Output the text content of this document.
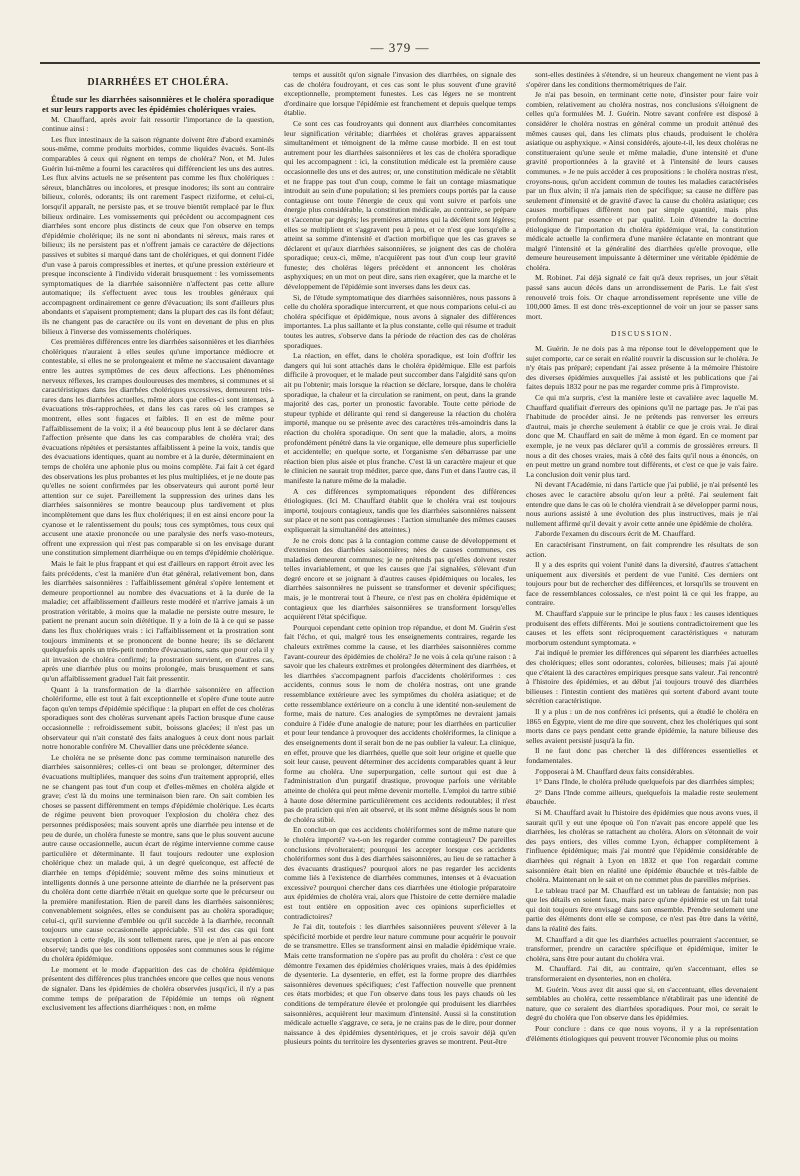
— 379 —
DIARRHÉES ET CHOLÉRA.

Étude sur les diarrhées saisonnières et le choléra sporadique et sur leurs rapports avec les épidémies cholériques vraies.

M. Chauffard, après avoir fait ressortir l'importance de la question, continue ainsi :

Les flux intestinaux de la saison régnante doivent être d'abord examinés sous-même, comme produits morbides, comme liquides évacués. Sont-ils comparables à ceux qui règnent en temps de choléra? Non, et M. Jules Guérin lui-même a fourni les caractères qui différencient les uns des autres. Les flux alvins actuels ne se présentent pas comme les flux cholériques : séreux, blanchâtres ou incolores, et presque inodores; ils sont au contraire bilieux, colorés, odorants; ils ont rarement l'aspect riziforme, et celui-ci, lorsqu'il apparaît, ne persiste pas, et se trouve bientôt remplacé par le flux bilieux ordinaire. Les vomissements qui précèdent ou accompagnent ces diarrhées sont encore plus distincts de ceux que l'on observe en temps d'épidémie cholérique; ils ne sont ni abondants ni séreux, mais rares et bilieux; ils ne persistent pas et n'offrent jamais ce caractère de déjections passives et subites si marqué dans tant de cholériques, et qui donnent l'idée d'un vase à parois compressibles et inertes, et qu'une pression extérieure et presque inconsciente à l'individu viderait brusquement : les vomissements symptomatiques de la diarrhée saisonnière n'affectent pas cette allure automatique; ils s'effectuent avec tous les troubles généraux qui accompagnent ordinairement ce genre d'évacuation; ils sont d'ailleurs plus abondants et s'apaisent promptement; dans la plupart des cas ils font défaut; ils ne changent pas de caractère ou ils vont en devenant de plus en plus bilieux à l'inverse des vomissements cholériques.

Ces premières différences entre les diarrhées saisonnières et les diarrhées cholériques n'auraient à elles seules qu'une importance médiocre et contestable, si elles ne se prolongeaient et même ne s'accusaient davantage entre les autres symptômes de ces deux affections. Les phénomènes nerveux réflexes, les crampes douloureuses des membres, si communes et si caractéristiques dans les diarrhées cholériques excessives, demeurent très-rares dans les diarrhées actuelles, même alors que celles-ci sont intenses, à évacuations très-rapprochées, et dans les cas rares où les crampes se montrent, elles sont fugaces et faibles. Il en est de même pour l'affaiblissement de la voix; il a été beaucoup plus lent à se déclarer dans l'affection présente que dans les cas comparables de choléra vrai; des évacuations répétées et persistantes affaiblissent à peine la voix, tandis que des évacuations identiques, quant au nombre et à la durée, déterminaient en temps de choléra une aphonie plus ou moins complète. J'ai fait à cet égard des observations les plus probantes et les plus multipliées, et je ne doute pas qu'elles ne soient confirmées par les observateurs qui auront porté leur attention sur ce sujet. Pareillement la suppression des urines dans les diarrhées saisonnières se montre beaucoup plus tardivement et plus incomplètement que dans les flux cholériques; il en est ainsi encore pour la cyanose et le ralentissement du pouls; tous ces symptômes, tous ceux qui accusent une ataxie prononcée ou une paralysie des nerfs vaso-moteurs, offrent une expression qui n'est pas comparable si on les envisage durant une constitution simplement diarrhéique ou en temps d'épidémie cholérique.

Mais le fait le plus frappant et qui est d'ailleurs en rapport étroit avec les faits précédents, c'est la manière d'un état général, relativement bon, dans les diarrhées saisonnières : l'affaiblissement général s'opère lentement et demeure proportionnel au nombre des évacuations et à la durée de la maladie; cet affaiblissement d'ailleurs reste modéré et n'arrive jamais à un prostration véritable, à moins que la maladie ne persiste outre mesure, le patient ne prenant aucun soin diététique. Il y a loin de là à ce qui se passe dans les flux cholériques vrais : ici l'affaiblissement et la prostration sont toujours imminents et se prononcent de bonne heure; ils se déclarent quelquefois après un très-petit nombre d'évacuations, sans que pour cela il y ait invasion de choléra confirmé; la prostration survient, en d'autres cas, après une diarrhée plus ou moins prolongée, mais brusquement et sans qu'un affaiblissement graduel l'ait fait pressentir.

Quant à la transformation de la diarrhée saisonnière en affection cholériforme, elle est tout à fait exceptionnelle et s'opère d'une toute autre façon qu'en temps d'épidémie spécifique : la plupart en effet de ces choléras sporadiques sont des choléras survenant après l'action brusque d'une cause occasionnelle : refroidissement subit, boissons glacées; il n'est pas un observateur qui n'ait constaté des faits analogues à ceux dont nous parlait notre honorable confrère M. Chevallier dans une précédente séance.

Le choléra ne se présente donc pas comme terminaison naturelle des diarrhées saisonnières; celles-ci ont beau se prolonger, déterminer des évacuations multipliées, manquer des soins d'un traitement approprié, elles ne se changent pas tout d'un coup et d'elles-mêmes en choléra algide et grave; c'est là du moins une terminaison bien rare. On sait combien les choses se passent différemment en temps d'épidémie cholérique. Les écarts de régime peuvent bien provoquer l'explosion du choléra chez des personnes prédisposées; mais souvent après une diarrhée peu intense et de peu de durée, un choléra funeste se montre, sans que le plus souvent aucune autre cause occasionnelle, aucun écart de régime intervienne comme cause particulière et déterminante. Il faut toujours redouter une explosion cholérique chez un malade qui, à un degré quelconque, est affecté de diarrhée en temps d'épidémie; souvent même des soins minutieux et intelligents donnés à une personne atteinte de diarrhée ne la préservent pas du choléra dont cette diarrhée n'était en quelque sorte que le précurseur ou la première manifestation. Rien de pareil dans les diarrhées saisonnières; convenablement soignées, elles se conduisent pas au choléra sporadique; celui-ci, qu'il survienne d'emblée ou qu'il succède à la diarrhée, reconnaît toujours une cause occasionnelle appréciable. S'il est des cas qui font exception à cette règle, ils sont tellement rares, que je n'en ai pas encore observé; tandis que les conditions opposées sont communes sous le régime du choléra épidémique.

Le moment et le mode d'apparition des cas de choléra épidémique présentent des différences plus tranchées encore que celles que nous venons de signaler. Dans les épidémies de choléra observées jusqu'ici, il n'y a pas comme temps de préparation de l'épidémie un temps où règnent exclusivement les affections diarrhéiques : non, en même

temps et aussitôt qu'on signale l'invasion des diarrhées, on signale des cas de choléra foudroyant, et ces cas sont le plus souvent d'une gravité exceptionnelle, promptement funestes. Les cas légers ne se montrent d'ordinaire que lorsque l'épidémie est franchement et depuis quelque temps établie.

Ce sont ces cas foudroyants qui donnent aux diarrhées concomitantes leur signification véritable; diarrhées et choléras graves apparaissent simultanément et témoignent de la même cause morbide. Il en est tout autrement pour les diarrhées saisonnières et les cas de choléra sporadique qui les accompagnent : ici, la constitution médicale est la première cause occasionnelle des uns et des autres; or, une constitution médicale ne s'établit et ne frappe pas tout d'un coup, comme le fait un contage miasmatique introduit au sein d'une population; si les premiers coups portés par la cause contagieuse ont toute l'énergie de ceux qui vont suivre et parfois une énergie plus considérable, la constitution médicale, au contraire, se prépare et s'accentue par degrés; les premières atteintes qui la décèlent sont légères; elles se multiplient et s'aggravent peu à peu, et ce n'est que lorsqu'elle a atteint sa somme d'intensité et d'action morbifique que les cas graves se déclarent et qu'aux diarrhées saisonnières, se joignent des cas de choléra sporadique; ceux-ci, même, n'acquièrent pas tout d'un coup leur gravité funeste; des choléras légers précèdent et annoncent les choléras asphyxiques; en un mot on peut dire, sans rien exagérer, que la marche et le développement de l'épidémie sont inverses dans les deux cas.

Si, de l'étude symptomatique des diarrhées saisonnières, nous passons à celle du choléra sporadique intercurrent, et que nous comparions celui-ci au choléra spécifique et épidémique, nous avons à signaler des différences importantes. La plus saillante et la plus constante, celle qui résume et traduit toutes les autres, s'observe dans la période de réaction des cas de choléras sporadiques.

La réaction, en effet, dans le choléra sporadique, est loin d'offrir les dangers qui lui sont attachés dans le choléra épidémique. Elle est parfois difficile à provoquer, et le malade peut succomber dans l'algidité sans qu'on ait pu l'obtenir; mais lorsque la réaction se déclare, lorsque, dans le choléra sporadique, la chaleur et la circulation se raniment, on peut, dans la grande majorité des cas, porter un pronostic favorable. Toute cette période de stupeur typhide et délirante qui rend si dangereuse la réaction du choléra importé, manque ou se présente avec des caractères très-amoindris dans la réaction du choléra sporadique. On sent que la maladie, alors, a moins profondément pénétré dans la vie organique, elle demeure plus superficielle et accidentelle; en quelque sorte, et l'organisme s'en débarrasse par une réaction bien plus aisée et plus franche. C'est là un caractère majeur et que le clinicien ne saurait trop méditer, parce que, dans l'un et dans l'autre cas, il manifeste la nature même de la maladie.

A ces différences symptomatiques répondent des différences étiologiques. (Ici M. Chauffard établit que le choléra vrai est toujours importé, toujours contagieux, tandis que les diarrhées saisonnières naissent sur place et ne sont pas contagieuses : l'action simultanée des mêmes causes expliquerait la simultanéité des atteintes.)

Je ne crois donc pas à la contagion comme cause de développement et d'extension des diarrhées saisonnières; nées de causes communes, ces maladies demeurent communes; je ne prétends pas qu'elles doivent rester telles invariablement, et que les causes que j'ai signalées, s'élevant d'un degré encore et se joignant à d'autres causes épidémiques ou locales, les diarrhées saisonnières ne puissent se transformer et devenir spécifiques; mais, je le montrerai tout à l'heure, ce n'est pas en choléra épidémique et contagieux que les diarrhées saisonnières se transforment lorsqu'elles acquièrent l'état spécifique.

Pourquoi cependant cette opinion trop répandue, et dont M. Guérin s'est fait l'écho, et qui, malgré tous les enseignements contraires, regarde les chaleurs extrêmes comme la cause, et les diarrhées saisonnières comme l'avant-coureur des épidémies de choléra? Je ne vois à cela qu'une raison : à savoir que les chaleurs extrêmes et prolongées déterminent des diarrhées, et les diarrhées s'accompagnent parfois d'accidents cholériformes : ces accidents, connus sous le nom de choléra nostras, ont une grande ressemblance extérieure avec les symptômes du choléra asiatique; et de cette ressemblance extérieure on a conclu à une identité non-seulement de forme, mais de nature. Ces analogies de symptômes ne devraient jamais conduire à l'idée d'une analogie de nature; pour les diarrhées en particulier et pour leur tendance à provoquer des accidents cholériformes, la clinique a des enseignements dont il serait bon de ne pas oublier la valeur. La clinique, en effet, prouve que les diarrhées, quelle que soit leur origine et quelle que soit leur cause, peuvent déterminer des accidents comparables quant à leur forme au choléra. Une superpurgation, celle surtout qui est due à l'administration d'un purgatif drastique, provoque parfois une véritable atteinte de choléra qui peut même devenir mortelle. L'emploi du tartre stibié à haute dose détermine particulièrement ces accidents redoutables; il n'est pas de praticien qui n'en ait observé, et ils sont même désignés sous le nom de choléra stibié.

En conclut-on que ces accidents cholériformes sont de même nature que le choléra importé? va-t-on les regarder comme contagieux? De pareilles conclusions révolteraient; pourquoi les accepter lorsque ces accidents cholériformes sont dus à des diarrhées saisonnières, au lieu de se rattacher à des évacuants drastiques? pourquoi alors ne pas regarder les accidents comme liés à l'existence de diarrhées communes, intenses et à évacuation excessive? pourquoi chercher dans ces diarrhées une étiologie préparatoire aux épidémies de choléra vrai, alors que l'histoire de cette dernière maladie est tout entière en opposition avec ces opinions superficielles et contradictoires?

Je l'ai dit, toutefois : les diarrhées saisonnières peuvent s'élever à la spécificité morbide et perdre leur nature commune pour acquérir le pouvoir de se transmettre. Elles se transforment ainsi en maladie épidémique vraie. Mais cette transformation ne s'opère pas au profit du choléra : c'est ce que démontre l'examen des épidémies cholériques vraies, mais à des épidémies de dysenterie. La dysenterie, en effet, est la forme propre des diarrhées saisonnières devenues spécifiques; c'est l'affection nouvelle que prennent ces états morbides; et que l'on observe dans tous les pays chauds où les conditions de température élevée et prolongée qui produisent les diarrhées saisonnières, acquièrent leur maximum d'intensité. Aussi si la constitution médicale actuelle s'aggrave, ce sera, je ne crains pas de le dire, pour donner naissance à des épidémies dysentériques, et je crois savoir déjà qu'en plusieurs points du territoire les dysenteries graves se montrent. Peut-être

sont-elles destinées à s'étendre, si un heureux changement ne vient pas à s'opérer dans les conditions thermométriques de l'air.

Je n'ai pas besoin, en terminant cette note, d'insister pour faire voir combien, relativement au choléra nostras, nos conclusions s'éloignent de celles qu'a formulées M. J. Guérin. Notre savant confrère est disposé à considérer le choléra nostras en général comme un produit atténué des mêmes causes qui, dans les climats plus chauds, produisent le choléra asiatique ou asphyxique. « Ainsi considérés, ajoute-t-il, les deux choléras ne constitueraient qu'une seule et même maladie, d'une intensité et d'une gravité proportionnées à la gravité et à l'intensité de leurs causes communes. » Je ne puis accéder à ces propositions : le choléra nostras n'est, croyons-nous, qu'un accident commun de toutes les maladies caractérisées par un flux alvin; il n'a jamais rien de spécifique; sa cause ne diffère pas seulement d'intensité et de gravité d'avec la cause du choléra asiatique; ces causes morbifiques diffèrent non par simple quantité, mais plus profondément par essence et par qualité. Loin d'étendre la doctrine étiologique de l'importation du choléra épidémique vrai, la constitution médicale actuelle la confirmera d'une manière éclatante en montrant que malgré l'intensité et la généralité des diarrhées qu'elle provoque, elle demeure heureusement impuissante à déterminer une véritable épidémie de choléra.

M. Robinet. J'ai déjà signalé ce fait qu'à deux reprises, un jour s'était passé sans aucun décès dans un arrondissement de Paris. Le fait s'est renouvelé trois fois. Or chaque arrondissement représente une ville de 100,000 âmes. Il est donc très-exceptionnel de voir un jour se passer sans mort.

DISCUSSION.

M. Guérin. Je ne dois pas à ma réponse tout le développement que le sujet comporte, car ce serait en réalité rouvrir la discussion sur le choléra. Je n'y étais pas préparé; cependant j'ai assez présente à la mémoire l'histoire des diverses épidémies auxquelles j'ai assisté et les publications que j'ai faites depuis 1832 pour ne pas me regarder comme pris à l'improviste.

Ce qui m'a surpris, c'est la manière leste et cavalière avec laquelle M. Chauffard qualifiait d'erreurs des opinions qu'il ne partage pas. Je n'ai pas l'habitude de procéder ainsi. Je ne prétends pas renverser les erreurs d'autrui, mais je cherche seulement à établir ce que je crois vrai. Je dirai donc que M. Chauffard en sait de même à mon égard. En ce moment par exemple, je ne veux pas déclarer qu'il a commis de grossières erreurs. Il nous a dit des choses vraies, mais à côté des faits qu'il nous a énoncés, on en peut mettre un grand nombre tout différents, et c'est ce que je vais faire. La conclusion doit venir plus tard.

Ni devant l'Académie, ni dans l'article que j'ai publié, je n'ai présenté les choses avec le caractère absolu qu'on leur a prêté. J'ai seulement fait entendre que dans le cas où le choléra viendrait à se développer parmi nous, nous aurions assisté à une évolution des plus instructives, mais je n'ai nullement affirmé qu'il devait y avoir cette année une épidémie de choléra.

J'aborde l'examen du discours écrit de M. Chauffard.

En caractérisant l'instrument, on fait comprendre les résultats de son action.

Il y a des esprits qui voient l'unité dans la diversité, d'autres s'attachent uniquement aux diversités et perdent de vue l'unité. Ces derniers ont toujours pour but de rechercher des différences, et lorsqu'ils se trouvent en face de ressemblances colossales, ce n'est point là ce qui les frappe, au contraire.

M. Chauffard s'appuie sur le principe le plus faux : les causes identiques produisent des effets différents. Moi je soutiens contradictoirement que les causes et les effets sont réciproquement caractéristiques « naturam morborum ostendunt symptomata. »

J'ai indiqué le premier les différences qui séparent les diarrhées actuelles des cholériques; elles sont odorantes, colorées, bilieuses; mais j'ai ajouté que c'étaient là des caractères empiriques presque sans valeur. J'ai rencontré à l'histoire des épidémies, et au début j'ai toujours trouvé des diarrhées bilieuses : l'intestin contient des matières qui sortent d'abord avant toute sécrétion caractéristique.

Il y a plus : un de nos confrères ici présents, qui a étudié le choléra en 1865 en Égypte, vient de me dire que souvent, chez les cholériques qui sont morts dans ce pays pendant cette grande épidémie, la nature bilieuse des selles avaient persisté jusqu'à la fin.

Il ne faut donc pas chercher là des différences essentielles et fondamentales.

J'opposerai à M. Chauffard deux faits considérables.

1° Dans l'Inde, le choléra prélude quelquefois par des diarrhées simples;

2° Dans l'Inde comme ailleurs, quelquefois la maladie reste seulement ébauchée.

Si M. Chauffard avait lu l'histoire des épidémies que nous avons vues, il saurait qu'il y eut une époque où l'on n'avait pas encore appelé que les diarrhées, les choléras se rattachent au choléra. Alors on s'étonnait de voir des pays entiers, des villes comme Lyon, échapper complètement à l'influence épidémique; mais j'ai montré que l'épidémie considérable de diarrhées qui régnait à Lyon en 1832 et que l'on regardait comme saisonnière était bien en réalité une épidémie ébauchée et très-faible de choléra. Maintenant on le sait et on ne commet plus de pareilles méprises.

Le tableau tracé par M. Chauffard est un tableau de fantaisie; non pas que les détails en soient faux, mais parce qu'une épidémie est un fait total qui doit toujours être envisagé dans son ensemble. Prendre seulement une partie des éléments dont elle se compose, ce n'est pas être dans la vérité, dans la réalité des faits.

M. Chauffard a dit que les diarrhées actuelles pourraient s'accentuer, se transformer, prendre un caractère spécifique et épidémique, imiter le choléra, sans être pour autant du choléra vrai.

M. Chauffard. J'ai dit, au contraire, qu'en s'accentuant, elles se transformeraient en dysenteries, non en choléra.

M. Guérin. Vous avez dit aussi que si, en s'accentuant, elles devenaient semblables au choléra, cette ressemblance n'établirait pas une identité de nature, que ce seraient des diarrhées sporadiques. Pour moi, ce serait le degré du choléra que l'on observe dans les épidémies.

Pour conclure : dans ce que nous voyons, il y a la représentation d'éléments étiologiques qui peuvent trouver l'économie plus ou moins
